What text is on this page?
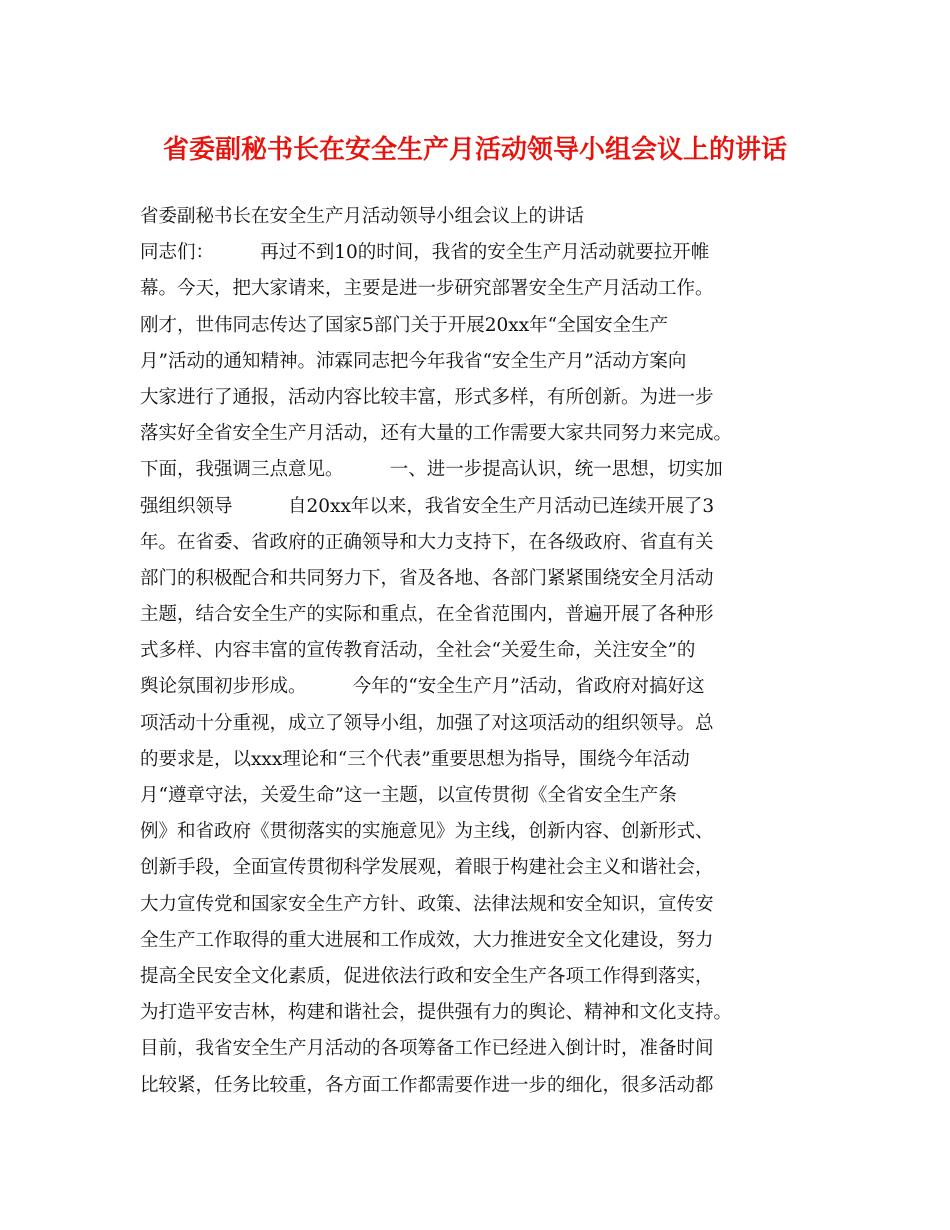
省委副秘书长在安全生产月活动领导小组会议上的讲话
省委副秘书长在安全生产月活动领导小组会议上的讲话
同志们：　　　再过不到10的时间，我省的安全生产月活动就要拉开帷
幕。今天，把大家请来，主要是进一步研究部署安全生产月活动工作。
刚才，世伟同志传达了国家5部门关于开展20xx年“全国安全生产
月”活动的通知精神。沛霖同志把今年我省“安全生产月”活动方案向
大家进行了通报，活动内容比较丰富，形式多样，有所创新。为进一步
落实好全省安全生产月活动，还有大量的工作需要大家共同努力来完成。
下面，我强调三点意见。　　　一、进一步提高认识，统一思想，切实加
强组织领导　　　自20xx年以来，我省安全生产月活动已连续开展了3
年。在省委、省政府的正确领导和大力支持下，在各级政府、省直有关
部门的积极配合和共同努力下，省及各地、各部门紧紧围绕安全月活动
主题，结合安全生产的实际和重点，在全省范围内，普遍开展了各种形
式多样、内容丰富的宣传教育活动，全社会“关爱生命，关注安全”的
舆论氛围初步形成。　　　今年的“安全生产月”活动，省政府对搞好这
项活动十分重视，成立了领导小组，加强了对这项活动的组织领导。总
的要求是，以xxx理论和“三个代表”重要思想为指导，围绕今年活动
月“遵章守法，关爱生命”这一主题，以宣传贯彻《全省安全生产条
例》和省政府《贯彻落实的实施意见》为主线，创新内容、创新形式、
创新手段，全面宣传贯彻科学发展观，着眼于构建社会主义和谐社会，
大力宣传党和国家安全生产方针、政策、法律法规和安全知识，宣传安
全生产工作取得的重大进展和工作成效，大力推进安全文化建设，努力
提高全民安全文化素质，促进依法行政和安全生产各项工作得到落实，
为打造平安吉林，构建和谐社会，提供强有力的舆论、精神和文化支持。
目前，我省安全生产月活动的各项筹备工作已经进入倒计时，准备时间
比较紧，任务比较重，各方面工作都需要作进一步的细化，很多活动都
